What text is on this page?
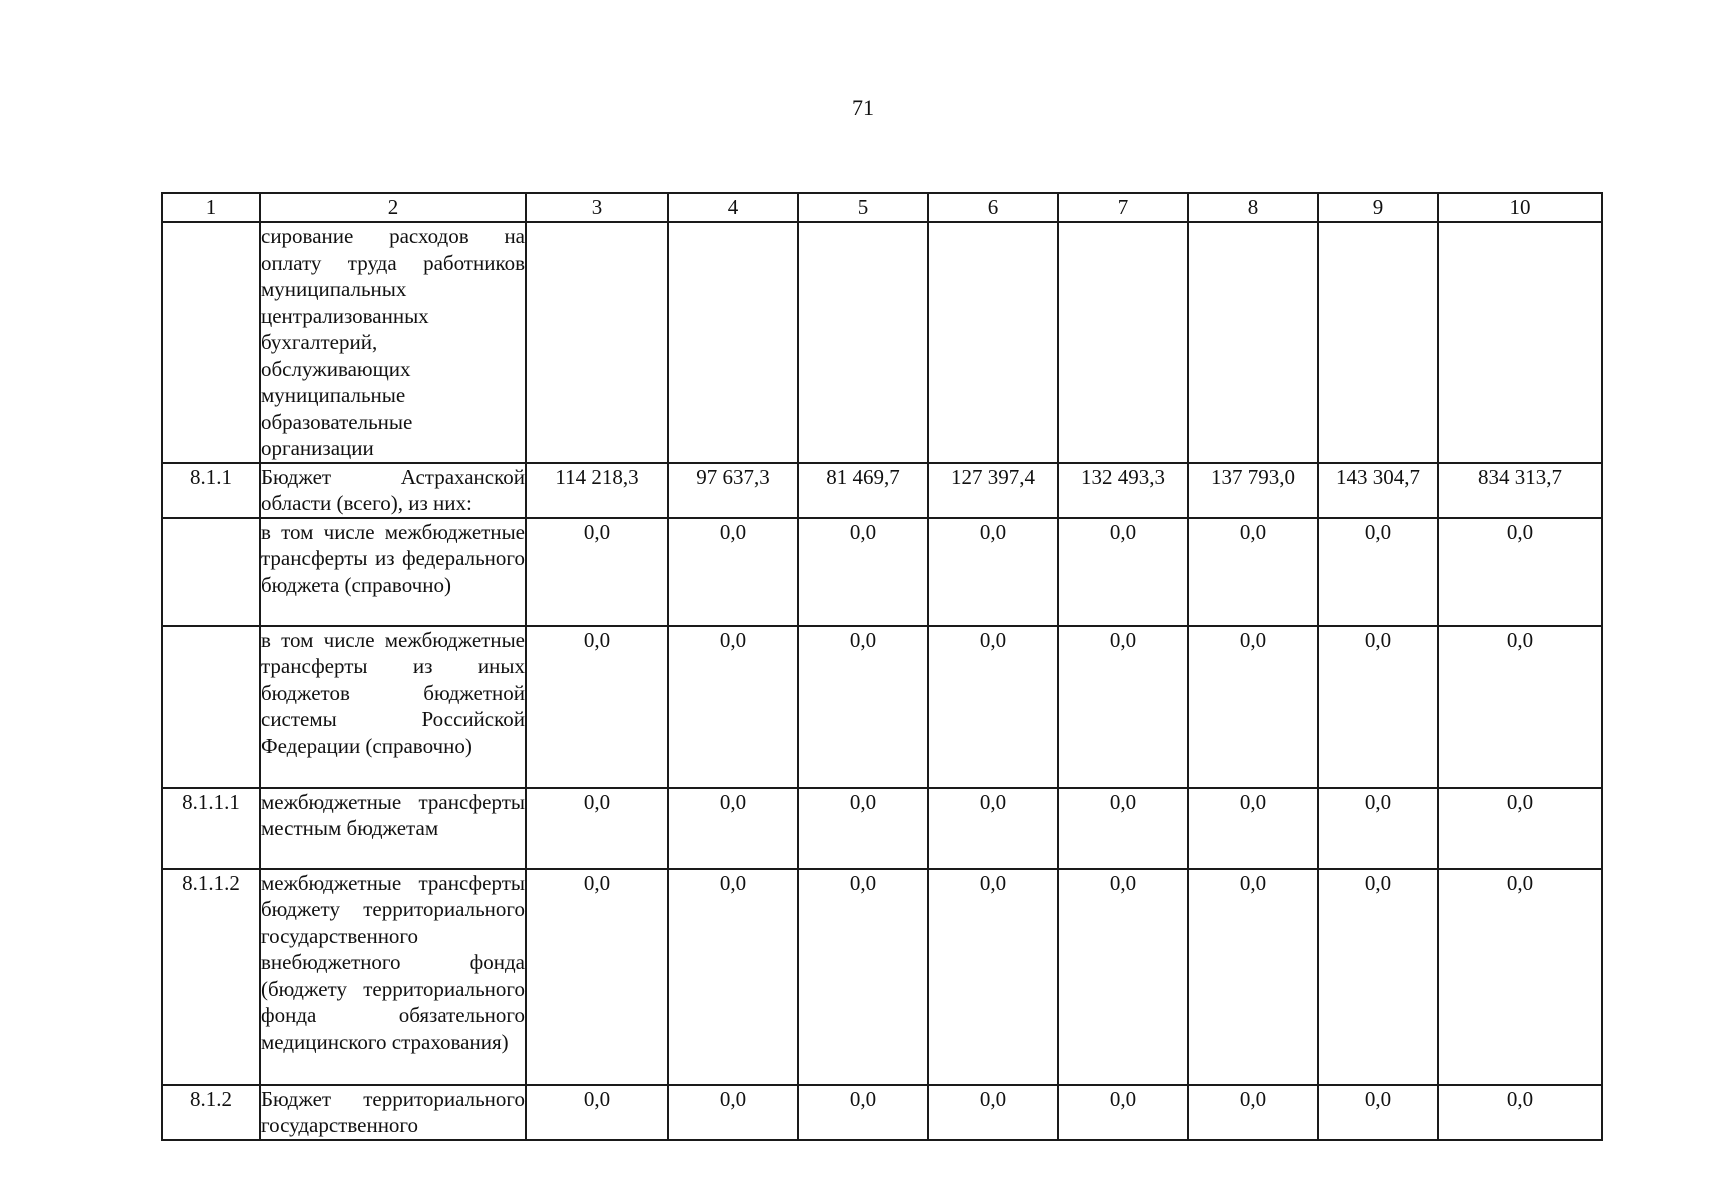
71
1	2	3	4	5	6	7	8	9	10
	сирование расходов на оплату труда работников муниципальных централизованных бухгалтерий, обслуживающих муниципальные образовательные организации								
8.1.1	Бюджет Астраханской области (всего), из них:	114 218,3	97 637,3	81 469,7	127 397,4	132 493,3	137 793,0	143 304,7	834 313,7
	в том числе межбюджетные трансферты из федерального бюджета (справочно)	0,0	0,0	0,0	0,0	0,0	0,0	0,0	0,0
	в том числе межбюджетные трансферты из иных бюджетов бюджетной системы Российской Федерации (справочно)	0,0	0,0	0,0	0,0	0,0	0,0	0,0	0,0
8.1.1.1	межбюджетные трансферты местным бюджетам	0,0	0,0	0,0	0,0	0,0	0,0	0,0	0,0
8.1.1.2	межбюджетные трансферты бюджету территориального государственного внебюджетного фонда (бюджету территориального фонда обязательного медицинского страхования)	0,0	0,0	0,0	0,0	0,0	0,0	0,0	0,0
8.1.2	Бюджет территориального государственного	0,0	0,0	0,0	0,0	0,0	0,0	0,0	0,0
